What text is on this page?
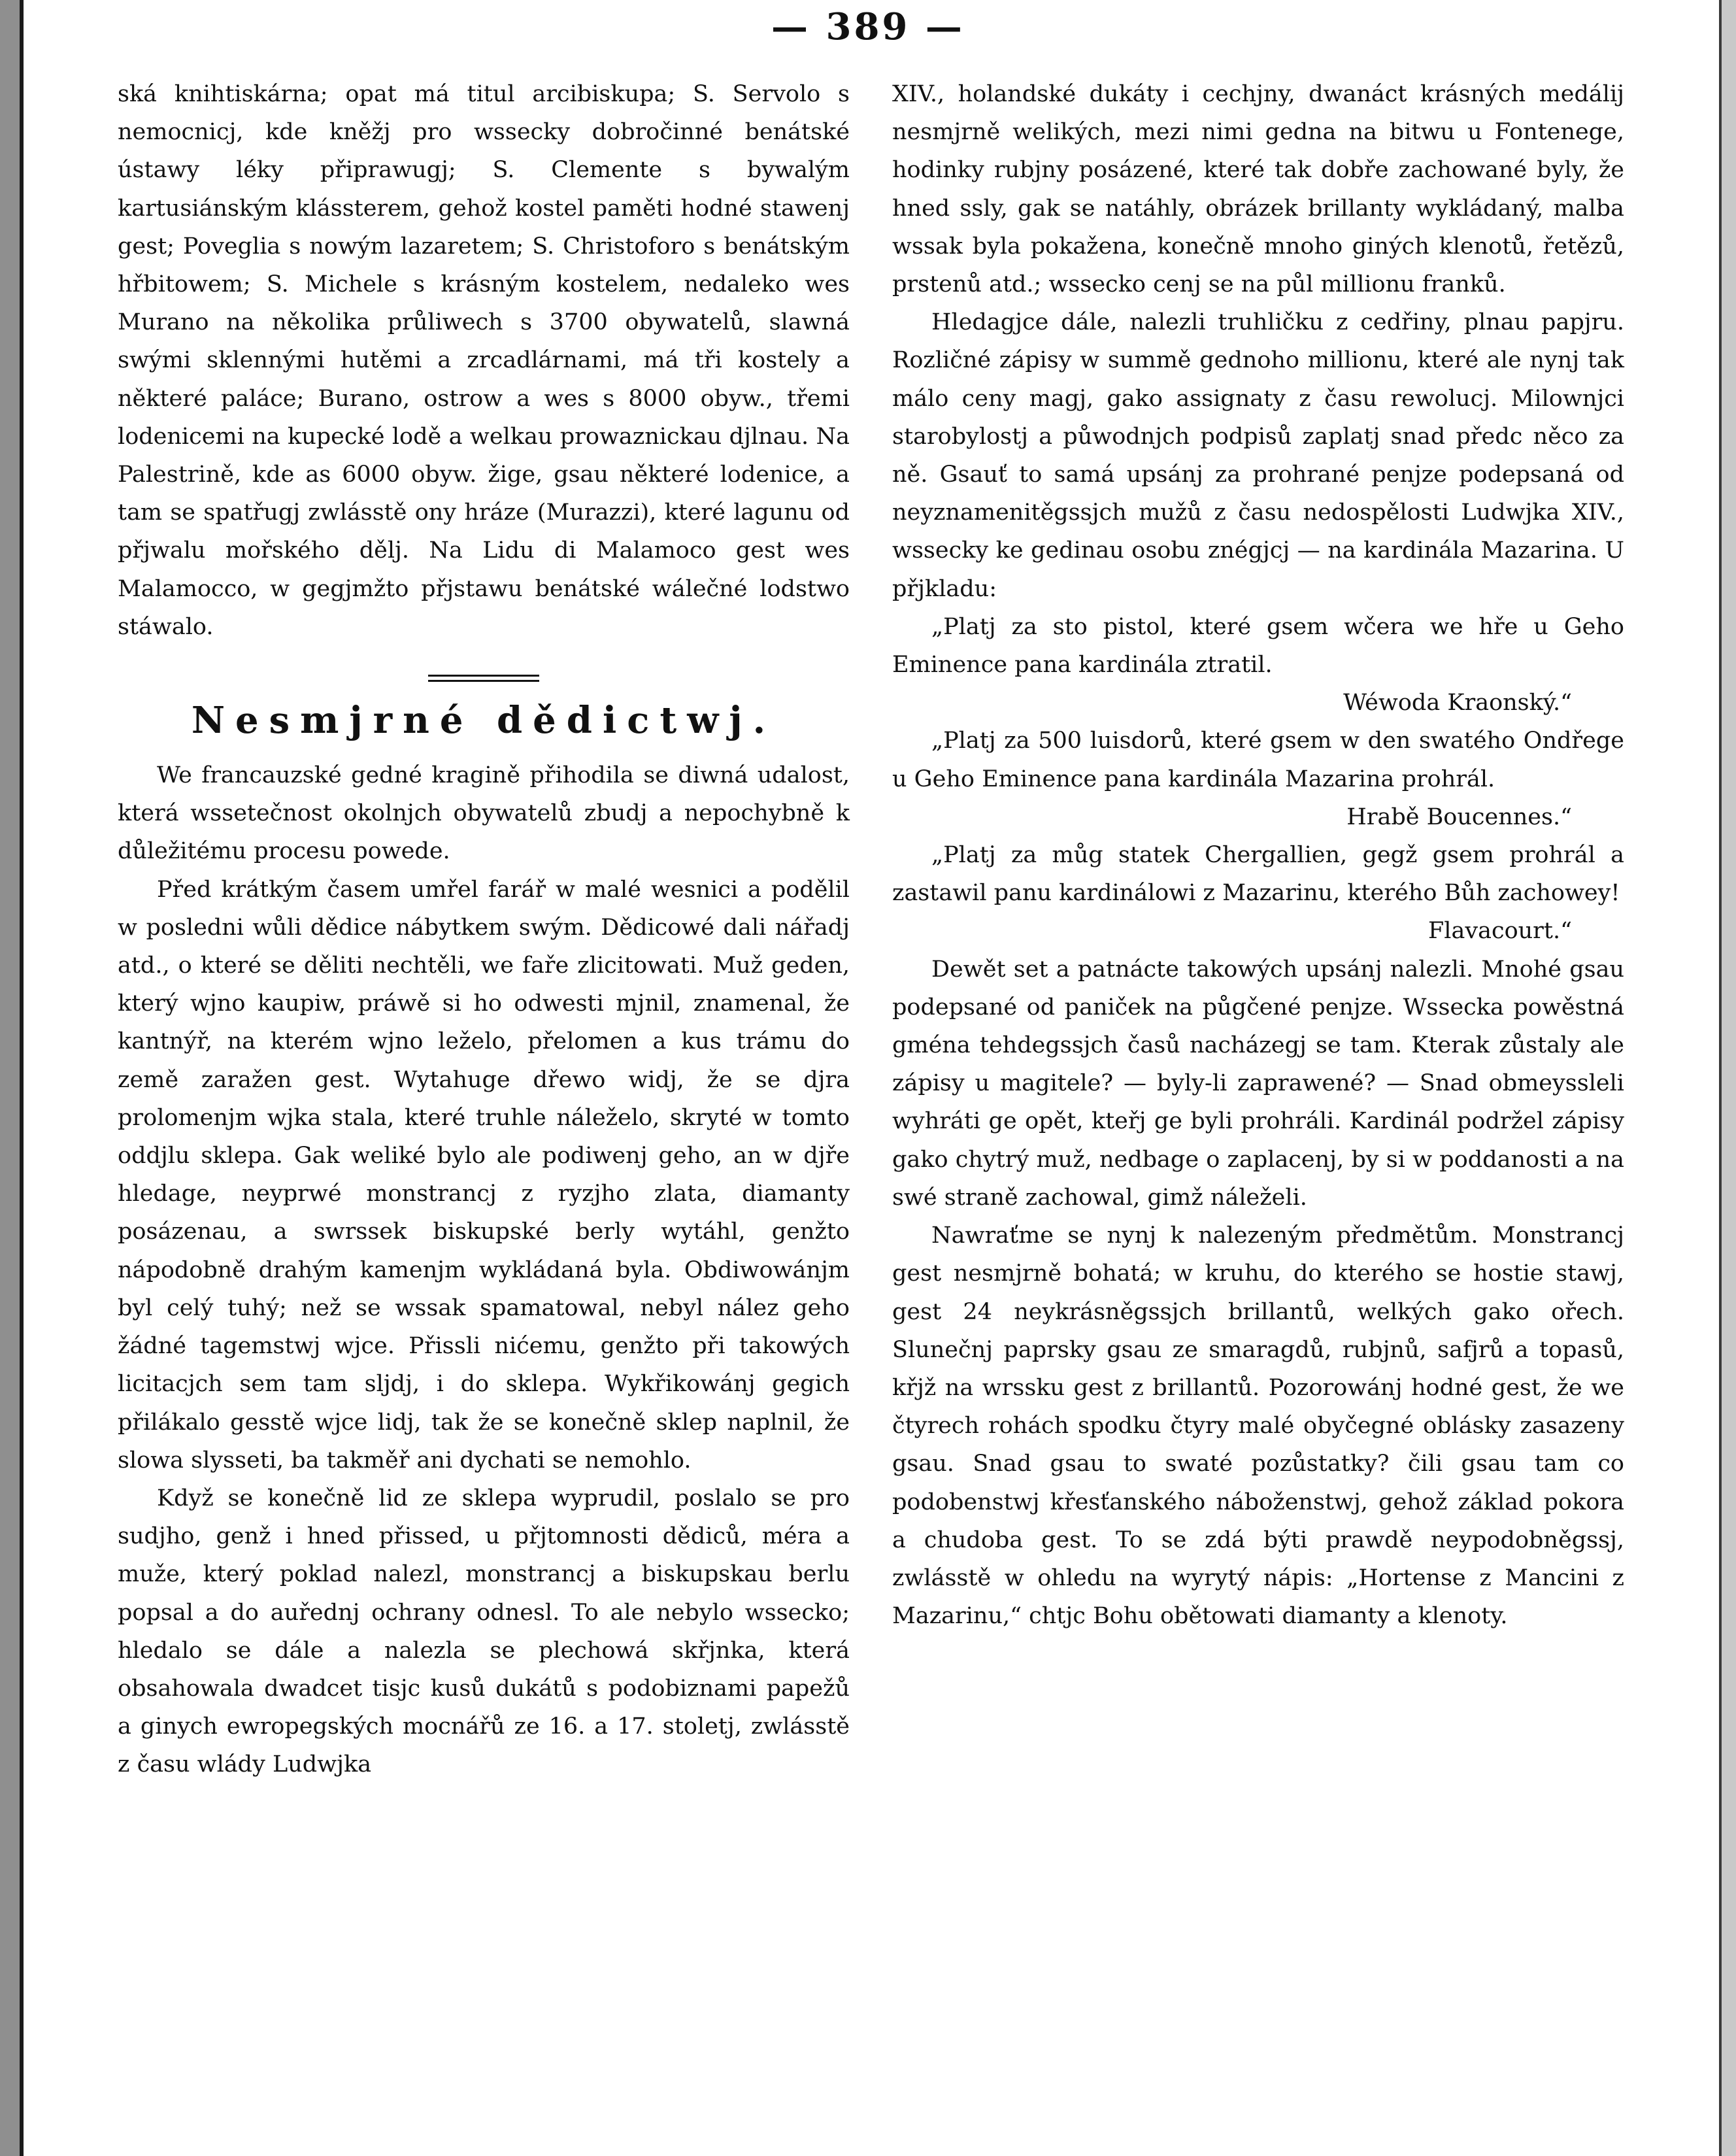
— 389 —

ská knihtiskárna; opat má titul arcibiskupa; S. Servolo s nemocnicj, kde kněžj pro wssecky dobročinné benátské ústawy léky připrawugj; S. Clemente s bywalým kartusiánským klássterem, gehož kostel paměti hodné stawenj gest; Poveglia s nowým lazaretem; S. Christoforo s benátským hřbitowem; S. Michele s krásným kostelem, nedaleko wes Murano na několika průliwech s 3700 obywatelů, slawná swými sklennými hutěmi a zrcadlárnami, má tři kostely a některé paláce; Burano, ostrow a wes s 8000 obyw., třemi lodenicemi na kupecké lodě a welkau prowaznickau djlnau. Na Palestrině, kde as 6000 obyw. žige, gsau některé lodenice, a tam se spatřugj zwlásstě ony hráze (Murazzi), které lagunu od přjwalu mořského dělj. Na Lidu di Malamoco gest wes Malamocco, w gegjmžto přjstawu benátské wálečné lodstwo stáwalo.

Nesmjrné dědictwj.

We francauzské gedné kragině přihodila se diwná udalost, která wssetečnost okolnjch obywatelů zbudj a nepochybně k důležitému procesu powede.

Před krátkým časem umřel farář w malé wesnici a podělil w posledni wůli dědice nábytkem swým. Dědicowé dali nářadj atd., o které se děliti nechtěli, we faře zlicitowati. Muž geden, který wjno kaupiw, práwě si ho odwesti mjnil, znamenal, že kantnýř, na kterém wjno leželo, přelomen a kus trámu do země zaražen gest. Wytahuge dřewo widj, že se djra prolomenjm wjka stala, které truhle náleželo, skryté w tomto oddjlu sklepa. Gak weliké bylo ale podiwenj geho, an w djře hledage, neyprwé monstrancj z ryzjho zlata, diamanty posázenau, a swrssek biskupské berly wytáhl, genžto nápodobně drahým kamenjm wykládaná byla. Obdiwowánjm byl celý tuhý; než se wssak spamatowal, nebyl nález geho žádné tagemstwj wjce. Přissli nićemu, genžto při takowých licitacjch sem tam sljdj, i do sklepa. Wykřikowánj gegich přilákalo gesstě wjce lidj, tak že se konečně sklep naplnil, že slowa slysseti, ba takměř ani dychati se nemohlo.

Když se konečně lid ze sklepa wyprudil, poslalo se pro sudjho, genž i hned přissed, u přjtomnosti dědiců, méra a muže, který poklad nalezl, monstrancj a biskupskau berlu popsal a do auřednj ochrany odnesl. To ale nebylo wssecko; hledalo se dále a nalezla se plechowá skřjnka, která obsahowala dwadcet tisjc kusů dukátů s podobiznami papežů a ginych ewropegských mocnářů ze 16. a 17. stoletj, zwlásstě z času wlády Ludwjka

XIV., holandské dukáty i cechjny, dwanáct krásných medálij nesmjrně welikých, mezi nimi gedna na bitwu u Fontenege, hodinky rubjny posázené, které tak dobře zachowané byly, že hned ssly, gak se natáhly, obrázek brillanty wykládaný, malba wssak byla pokažena, konečně mnoho giných klenotů, řetězů, prstenů atd.; wssecko cenj se na půl millionu franků.

Hledagjce dále, nalezli truhličku z cedřiny, plnau papjru. Rozličné zápisy w summě gednoho millionu, které ale nynj tak málo ceny magj, gako assignaty z času rewolucj. Milownjci starobylostj a půwodnjch podpisů zaplatj snad předc něco za ně. Gsauť to samá upsánj za prohrané penjze podepsaná od neyznamenitěgssjch mužů z času nedospělosti Ludwjka XIV., wssecky ke gedinau osobu znégjcj — na kardinála Mazarina. U přjkladu:

„Platj za sto pistol, které gsem wčera we hře u Geho Eminence pana kardinála ztratil.

Wéwoda Kraonský.“

„Platj za 500 luisdorů, které gsem w den swatého Ondřege u Geho Eminence pana kardinála Mazarina prohrál.

Hrabě Boucennes.“

„Platj za můg statek Chergallien, gegž gsem prohrál a zastawil panu kardinálowi z Mazarinu, kterého Bůh zachowey!

Flavacourt.“

Dewět set a patnácte takowých upsánj nalezli. Mnohé gsau podepsané od paniček na půgčené penjze. Wssecka powěstná gména tehdegssjch časů nacházegj se tam. Kterak zůstaly ale zápisy u magitele? — byly-li zaprawené? — Snad obmeyssleli wyhráti ge opět, kteřj ge byli prohráli. Kardinál podržel zápisy gako chytrý muž, nedbage o zaplacenj, by si w poddanosti a na swé straně zachowal, gimž náleželi.

Nawraťme se nynj k nalezeným předmětům. Monstrancj gest nesmjrně bohatá; w kruhu, do kterého se hostie stawj, gest 24 neykrásněgssjch brillantů, welkých gako ořech. Slunečnj paprsky gsau ze smaragdů, rubjnů, safjrů a topasů, křjž na wrssku gest z brillantů. Pozorowánj hodné gest, že we čtyrech rohách spodku čtyry malé obyčegné oblásky zasazeny gsau. Snad gsau to swaté pozůstatky? čili gsau tam co podobenstwj křesťanského náboženstwj, gehož základ pokora a chudoba gest. To se zdá býti prawdě neypodobněgssj, zwlásstě w ohledu na wyrytý nápis: „Hortense z Mancini z Mazarinu,“ chtjc Bohu obětowati diamanty a klenoty.
